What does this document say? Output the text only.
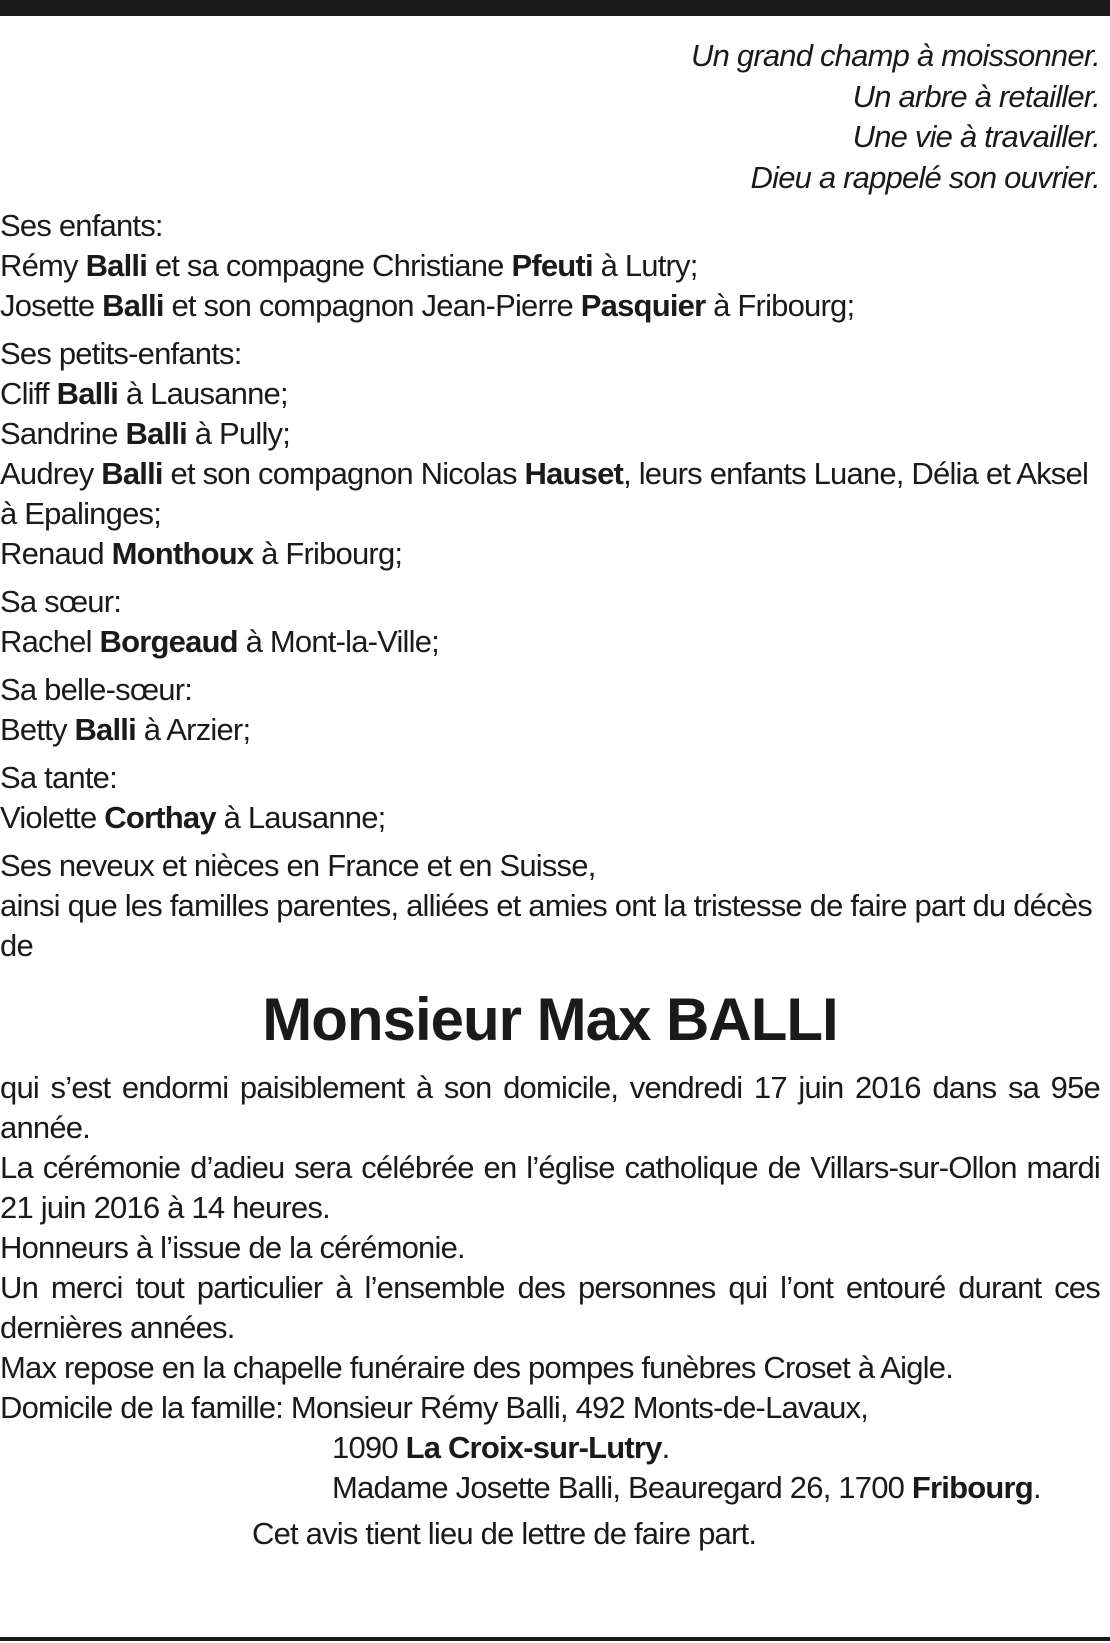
Un grand champ à moissonner.
Un arbre à retailler.
Une vie à travailler.
Dieu a rappelé son ouvrier.
Ses enfants:
Rémy Balli et sa compagne Christiane Pfeuti à Lutry;
Josette Balli et son compagnon Jean-Pierre Pasquier à Fribourg;
Ses petits-enfants:
Cliff Balli à Lausanne;
Sandrine Balli à Pully;
Audrey Balli et son compagnon Nicolas Hauset, leurs enfants Luane, Délia et Aksel à Epalinges;
Renaud Monthoux à Fribourg;
Sa sœur:
Rachel Borgeaud à Mont-la-Ville;
Sa belle-sœur:
Betty Balli à Arzier;
Sa tante:
Violette Corthay à Lausanne;
Ses neveux et nièces en France et en Suisse,
ainsi que les familles parentes, alliées et amies ont la tristesse de faire part du décès de
Monsieur Max BALLI
qui s’est endormi paisiblement à son domicile, vendredi 17 juin 2016 dans sa 95e année.
La cérémonie d’adieu sera célébrée en l’église catholique de Villars-sur-Ollon mardi 21 juin 2016 à 14 heures.
Honneurs à l’issue de la cérémonie.
Un merci tout particulier à l’ensemble des personnes qui l’ont entouré durant ces dernières années.
Max repose en la chapelle funéraire des pompes funèbres Croset à Aigle.
Domicile de la famille: Monsieur Rémy Balli, 492 Monts-de-Lavaux,
1090 La Croix-sur-Lutry.
Madame Josette Balli, Beauregard 26, 1700 Fribourg.
Cet avis tient lieu de lettre de faire part.
